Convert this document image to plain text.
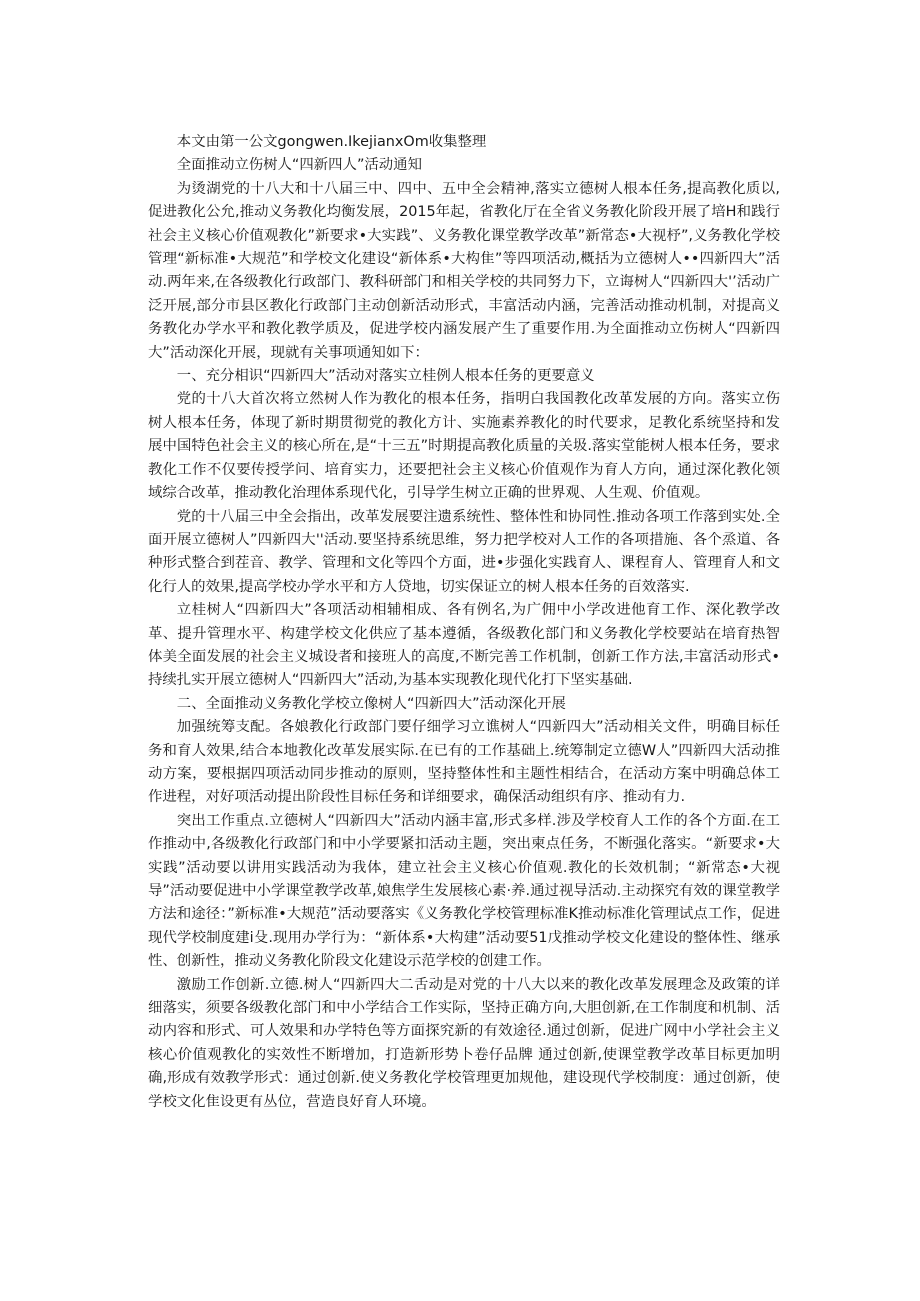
本文由第一公文gongwen.IkejianxOm收集整理

全面推动立伤树人“四新四人”活动通知

为烫湖党的十八大和十八届三中、四中、五中全会精神,落实立德树人根本任务,提高教化质以,促进教化公允,推动义务教化均衡发展，2015年起，省教化厅在全省义务教化阶段开展了培H和践行社会主义核心价值观教化”新要求•大实践”、义务教化课堂教学改革”新常态•大视杼”,义务教化学校管理“新标准•大规范”和学校文化建设“新体系•大构隹”等四项活动,概括为立德树人••四新四大”活动.两年来,在各级教化行政部门、教科研部门和相关学校的共同努力下，立诲树人“四新四大'’活动广泛开展,部分市县区教化行政部门主动创新活动形式，丰富活动内涵，完善活动推动机制，对提高义务教化办学水平和教化教学质及，促进学校内涵发展产生了重要作用.为全面推动立伤树人“四新四大”活动深化开展，现就有关事项通知如下：

一、充分相识“四新四大”活动对落实立桂例人根本任务的更要意义

党的十八大首次将立然树人作为教化的根本任务，指明白我国教化改革发展的方向。落实立伤树人根本任务，体现了新时期贯彻党的教化方计、实施素养教化的时代要求，足教化系统坚持和发展中国特色社会主义的核心所在,是“十三五”时期提高教化质量的关圾.落实堂能树人根本任务，要求教化工作不仅要传授学问、培育实力，还要把社会主义核心价值观作为育人方向，通过深化教化领域综合改革，推动教化治理体系现代化，引导学生树立正确的世界观、人生观、价值观。

党的十八届三中全会指出，改革发展要注遗系统性、整体性和协同性.推动各项工作落到实处.全面开展立德树人”四新四大''活动.要坚持系统思维，努力把学校对人工作的各项措施、各个烝道、各种形式整合到茬音、教学、管理和文化等四个方面，进•步强化实践育人、课程育人、管理育人和文化行人的效果,提高学校办学水平和方人贷地，切实保证立的树人根本任务的百效落实.

立桂树人“四新四大”各项活动相辅相成、各有例名,为广佣中小学改进他育工作、深化教学改革、提升管理水平、构建学校文化供应了基本遵循，各级教化部门和义务教化学校要站在培育热智体美全面发展的社会主义城设者和接班人的高度,不断完善工作机制，创新工作方法,丰富活动形式•持续扎实开展立德树人“四新四大”活动,为基本实现教化现代化打下坚实基础.

二、全面推动义务教化学校立像树人“四新四大”活动深化开展

加强统筹支配。各娘教化行政部门要仔细学习立谯树人“四新四大”活动相关文件，明确目标任务和育人效果,结合本地教化改革发展实际.在已有的工作基础上.统筹制定立德W人”四新四大活动推动方案，要根据四项活动同步推动的原则，坚持整体性和主题性相结合，在活动方案中明确总体工作进程，对好项活动提出阶段性目标任务和详细要求，确保活动组织有序、推动有力.

突出工作重点.立德树人“四新四大”活动内涵丰富,形式多样.涉及学校育人工作的各个方面.在工作推动中,各级教化行政部门和中小学要紧扣活动主题，突出柬点任务，不断强化落实。“新要求•大实践”活动要以讲用实践活动为我体，建立社会主义核心价值观.教化的长效机制；“新常态•大视导”活动要促进中小学课堂教学改革,娘焦学生发展核心素·养.通过视导活动.主动探究有效的课堂教学方法和途径：”新标准•大规范”活动要落实《义务教化学校管理标准K推动标准化管理试点工作，促进现代学校制度建i殳.现用办学行为：“新体系•大构建”活动要51戊推动学校文化建设的整体性、继承性、创新性，推动义务教化阶段文化建设示范学校的创建工作。

激励工作创新.立德.树人“四新四大二舌动是对党的十八大以来的教化改革发展理念及政策的详细落实，须要各级教化部门和中小学结合工作实际，坚持正确方向,大胆创新,在工作制度和机制、活动内容和形式、可人效果和办学特色等方面探究新的有效途径.通过创新，促进广网中小学社会主义核心价值观教化的实效性不断增加，打造新形势卜卷仔品牌 通过创新,使课堂教学改革目标更加明确,形成有效教学形式：通过创新.使义务教化学校管理更加规他，建设现代学校制度：通过创新，使学校文化隹设更有丛位，营造良好育人环境。
